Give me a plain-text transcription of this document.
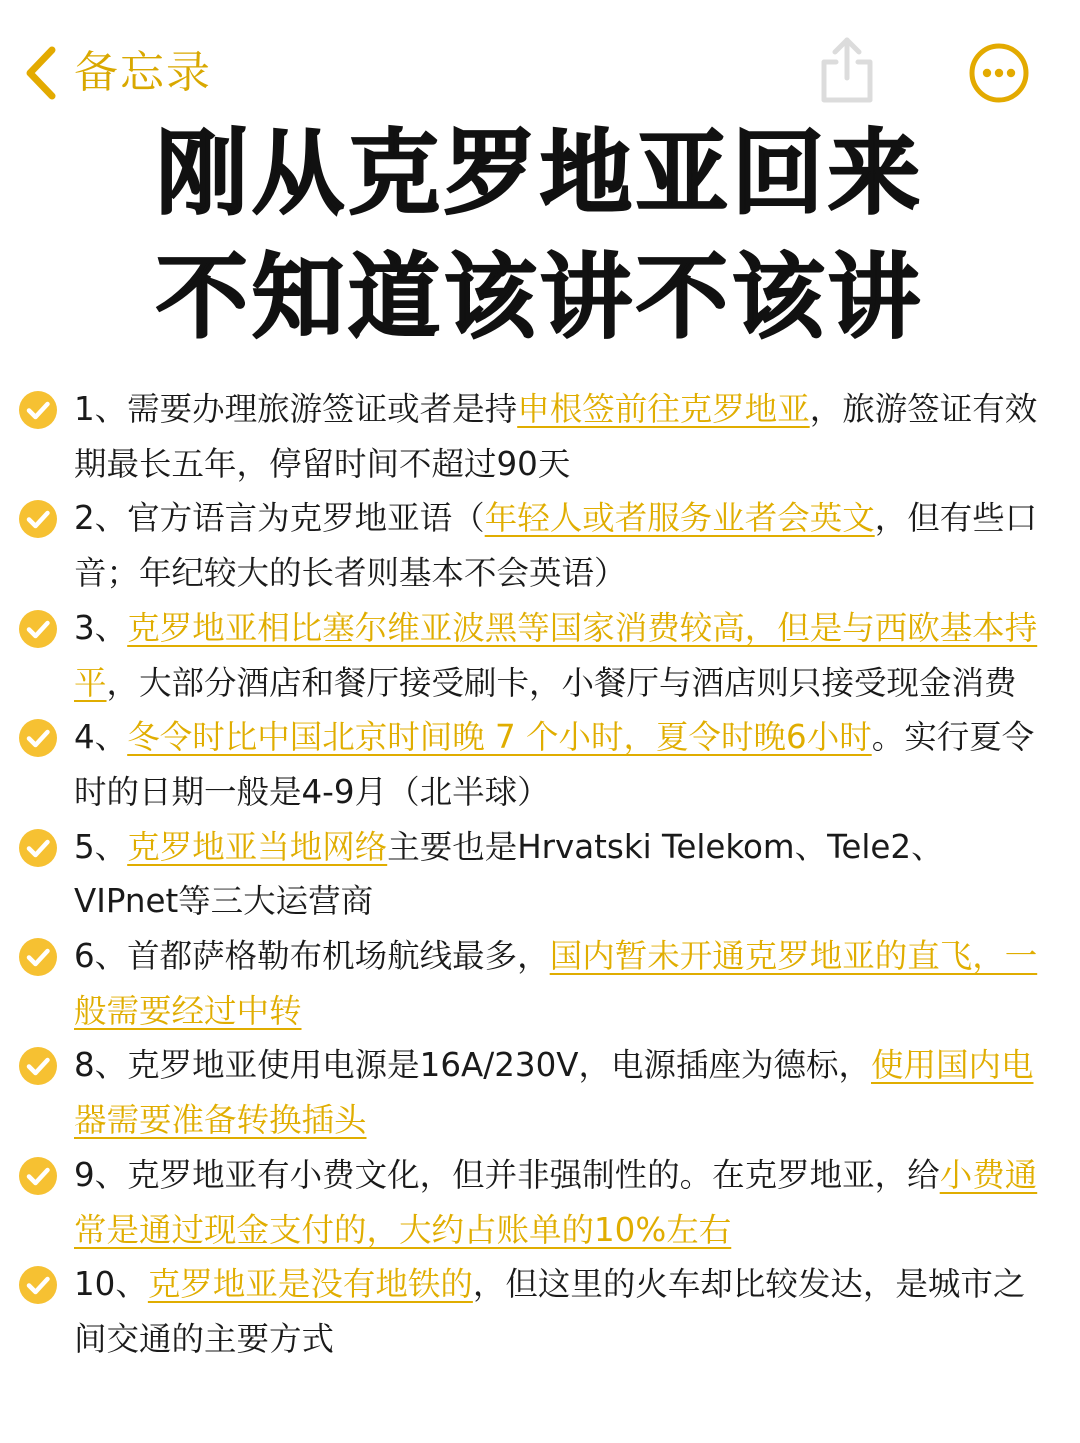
备忘录
刚从克罗地亚回来
不知道该讲不该讲
1、需要办理旅游签证或者是持申根签前往克罗地亚，旅游签证有效期最长五年，停留时间不超过90天
2、官方语言为克罗地亚语（年轻人或者服务业者会英文，但有些口音；年纪较大的长者则基本不会英语）
3、克罗地亚相比塞尔维亚波黑等国家消费较高，但是与西欧基本持平，大部分酒店和餐厅接受刷卡，小餐厅与酒店则只接受现金消费
4、冬令时比中国北京时间晚 7 个小时，夏令时晚6小时。实行夏令时的日期一般是4-9月（北半球）
5、克罗地亚当地网络主要也是Hrvatski Telekom、Tele2、VIPnet等三大运营商
6、首都萨格勒布机场航线最多，国内暂未开通克罗地亚的直飞，一般需要经过中转
8、克罗地亚使用电源是16A/230V，电源插座为德标，使用国内电器需要准备转换插头
9、克罗地亚有小费文化，但并非强制性的。在克罗地亚，给小费通常是通过现金支付的，大约占账单的10%左右
10、克罗地亚是没有地铁的，但这里的火车却比较发达，是城市之间交通的主要方式
